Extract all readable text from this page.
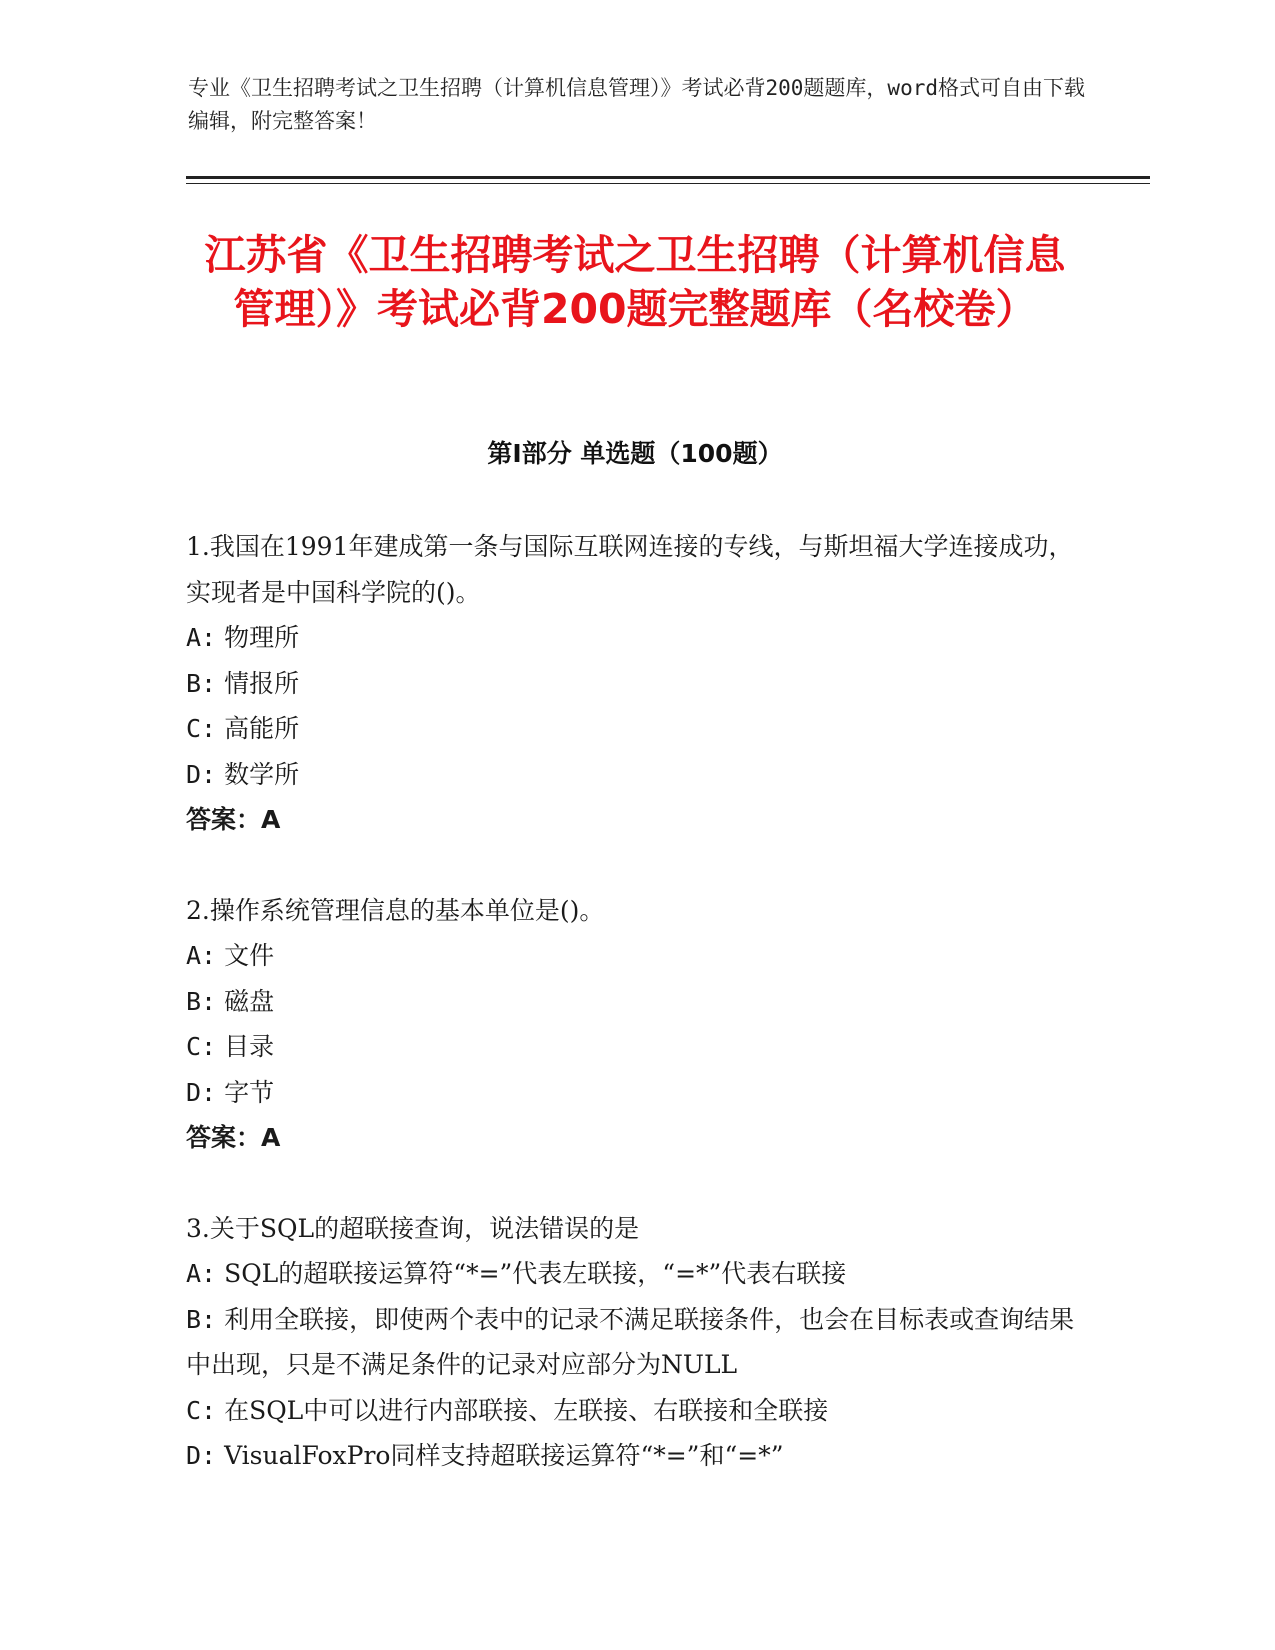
专业《卫生招聘考试之卫生招聘（计算机信息管理）》考试必背200题题库，word格式可自由下载编辑，附完整答案！
江苏省《卫生招聘考试之卫生招聘（计算机信息管理）》考试必背200题完整题库（名校卷）
第Ⅰ部分 单选题（100题）

1.我国在1991年建成第一条与国际互联网连接的专线，与斯坦福大学连接成功，实现者是中国科学院的()。

A: 物理所

B: 情报所

C: 高能所

D: 数学所

答案：A

2.操作系统管理信息的基本单位是()。

A: 文件

B: 磁盘

C: 目录

D: 字节

答案：A

3.关于SQL的超联接查询，说法错误的是

A: SQL的超联接运算符“*=”代表左联接，“=*”代表右联接

B: 利用全联接，即使两个表中的记录不满足联接条件，也会在目标表或查询结果中出现，只是不满足条件的记录对应部分为NULL

C: 在SQL中可以进行内部联接、左联接、右联接和全联接

D: VisualFoxPro同样支持超联接运算符“*=”和“=*”
